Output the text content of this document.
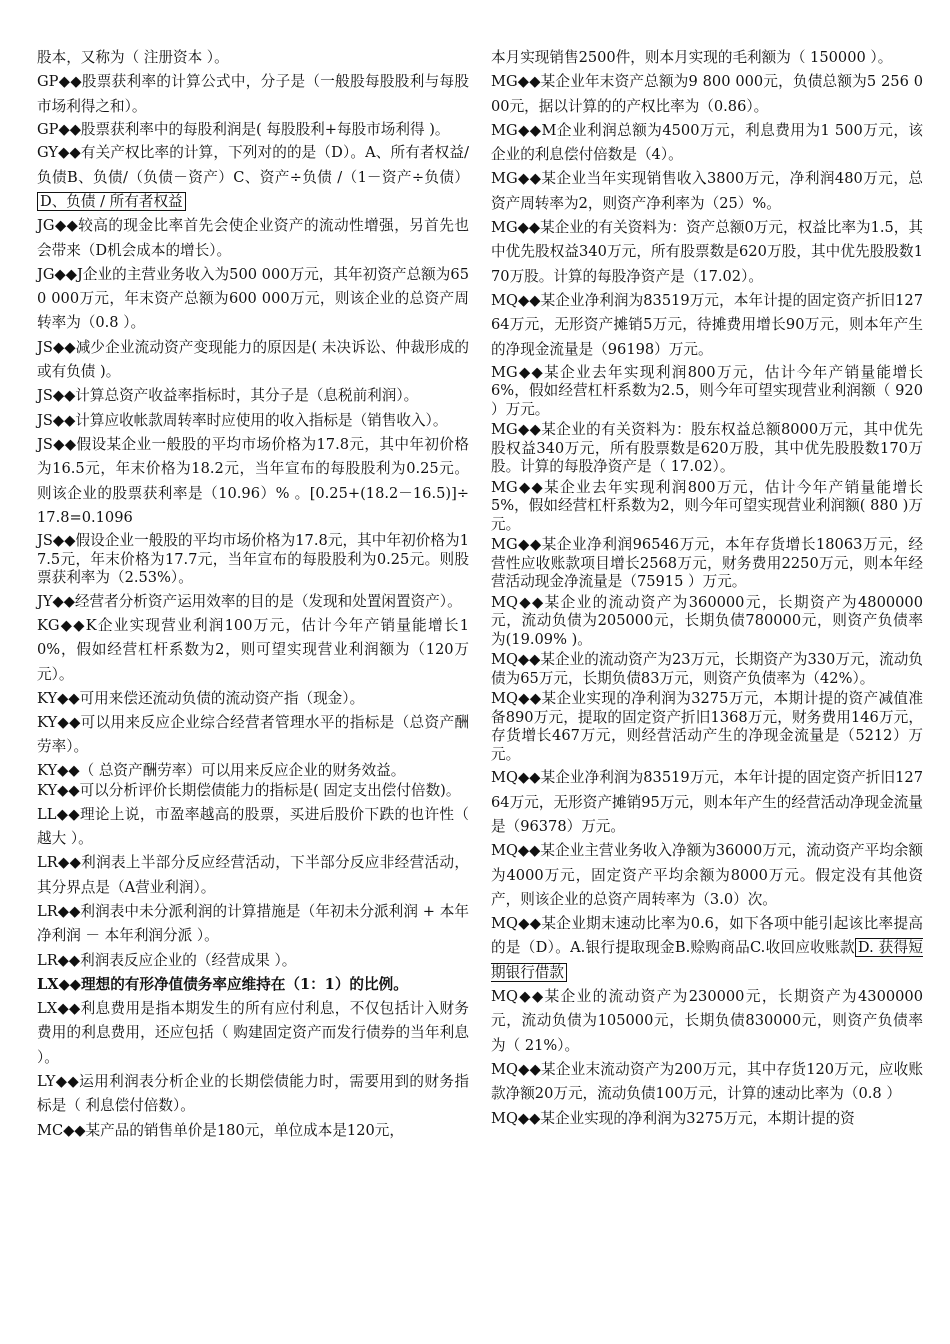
股本，又称为（ 注册资本 ）。

GP◆◆股票获利率的计算公式中，分子是（一般股每股股利与每股市场利得之和）。

GP◆◆股票获利率中的每股利润是( 每股股利+每股市场利得 )。

GY◆◆有关产权比率的计算，下列对的的是（D）。A、所有者权益/负债B、负债/（负债－资产）C、资产÷负债 /（1－资产÷负债）D、负债 / 所有者权益

JG◆◆较高的现金比率首先会使企业资产的流动性增强，另首先也会带来（D机会成本的增长）。

JG◆◆J企业的主营业务收入为500 000万元，其年初资产总额为650 000万元，年末资产总额为600 000万元，则该企业的总资产周转率为（0.8 ）。

JS◆◆减少企业流动资产变现能力的原因是( 未决诉讼、仲裁形成的或有负债 )。

JS◆◆计算总资产收益率指标时，其分子是（息税前利润）。

JS◆◆计算应收帐款周转率时应使用的收入指标是（销售收入）。

JS◆◆假设某企业一般股的平均市场价格为17.8元，其中年初价格为16.5元，年末价格为18.2元，当年宣布的每股股利为0.25元。则该企业的股票获利率是（10.96）% 。[0.25+(18.2－16.5)]÷17.8=0.1096

JS◆◆假设企业一般股的平均市场价格为17.8元，其中年初价格为17.5元，年末价格为17.7元，当年宣布的每股股利为0.25元。则股票获利率为（2.53%）。

JY◆◆经营者分析资产运用效率的目的是（发现和处置闲置资产）。

KG◆◆K企业实现营业利润100万元，估计今年产销量能增长10%，假如经营杠杆系数为2，则可望实现营业利润额为（120万元）。

KY◆◆可用来偿还流动负债的流动资产指（现金）。

KY◆◆可以用来反应企业综合经营者管理水平的指标是（总资产酬劳率）。

KY◆◆（ 总资产酬劳率）可以用来反应企业的财务效益。

KY◆◆可以分析评价长期偿债能力的指标是( 固定支出偿付倍数)。

LL◆◆理论上说，市盈率越高的股票，买进后股价下跌的也许性（ 越大 ）。

LR◆◆利润表上半部分反应经营活动，下半部分反应非经营活动，其分界点是（A营业利润）。

LR◆◆利润表中未分派利润的计算措施是（年初未分派利润 + 本年净利润 － 本年利润分派 ）。

LR◆◆利润表反应企业的（经营成果 ）。

LX◆◆理想的有形净值债务率应维持在（1：1）的比例。

LX◆◆利息费用是指本期发生的所有应付利息，不仅包括计入财务费用的利息费用，还应包括（ 购建固定资产而发行债券的当年利息 ）。

LY◆◆运用利润表分析企业的长期偿债能力时，需要用到的财务指标是（ 利息偿付倍数）。

MC◆◆某产品的销售单价是180元，单位成本是120元，

本月实现销售2500件，则本月实现的毛利额为（ 150000 ）。

MG◆◆某企业年末资产总额为9 800 000元，负债总额为5 256 000元，据以计算的的产权比率为（0.86）。

MG◆◆M企业利润总额为4500万元，利息费用为1 500万元，该企业的利息偿付倍数是（4）。

MG◆◆某企业当年实现销售收入3800万元，净利润480万元，总资产周转率为2，则资产净利率为（25）%。

MG◆◆某企业的有关资料为：资产总额0万元，权益比率为1.5，其中优先股权益340万元，所有股票数是620万股，其中优先股股数170万股。计算的每股净资产是（17.02）。

MQ◆◆某企业净利润为83519万元，本年计提的固定资产折旧12764万元，无形资产摊销5万元，待摊费用增长90万元，则本年产生的净现金流量是（96198）万元。

MG◆◆某企业去年实现利润800万元，估计今年产销量能增长6%，假如经营杠杆系数为2.5，则今年可望实现营业利润额（ 920 ）万元。

MG◆◆某企业的有关资料为：股东权益总额8000万元，其中优先股权益340万元，所有股票数是620万股，其中优先股股数170万股。计算的每股净资产是（ 17.02）。

MG◆◆某企业去年实现利润800万元，估计今年产销量能增长5%，假如经营杠杆系数为2，则今年可望实现营业利润额( 880 )万元。

MG◆◆某企业净利润96546万元，本年存货增长18063万元，经营性应收账款项目增长2568万元，财务费用2250万元，则本年经营活动现金净流量是（75915 ）万元。

MQ◆◆某企业的流动资产为360000元，长期资产为4800000元，流动负债为205000元，长期负债780000元，则资产负债率为(19.09% )。

MQ◆◆某企业的流动资产为23万元，长期资产为330万元，流动负债为65万元，长期负债83万元，则资产负债率为（42%）。

MQ◆◆某企业实现的净利润为3275万元，本期计提的资产减值准备890万元，提取的固定资产折旧1368万元，财务费用146万元，存货增长467万元，则经营活动产生的净现金流量是（5212）万元。

MQ◆◆某企业净利润为83519万元，本年计提的固定资产折旧12764万元，无形资产摊销95万元，则本年产生的经营活动净现金流量是（96378）万元。

MQ◆◆某企业主营业务收入净额为36000万元，流动资产平均余额为4000万元，固定资产平均余额为8000万元。假定没有其他资产，则该企业的总资产周转率为（3.0）次。

MQ◆◆某企业期末速动比率为0.6，如下各项中能引起该比率提高的是（D）。A.银行提取现金B.赊购商品C.收回应收账款 D. 获得短期银行借款

MQ◆◆某企业的流动资产为230000元，长期资产为4300000元，流动负债为105000元，长期负债830000元，则资产负债率为（ 21%）。

MQ◆◆某企业末流动资产为200万元，其中存货120万元，应收账款净额20万元，流动负债100万元，计算的速动比率为（0.8 ）

MQ◆◆某企业实现的净利润为3275万元，本期计提的资
